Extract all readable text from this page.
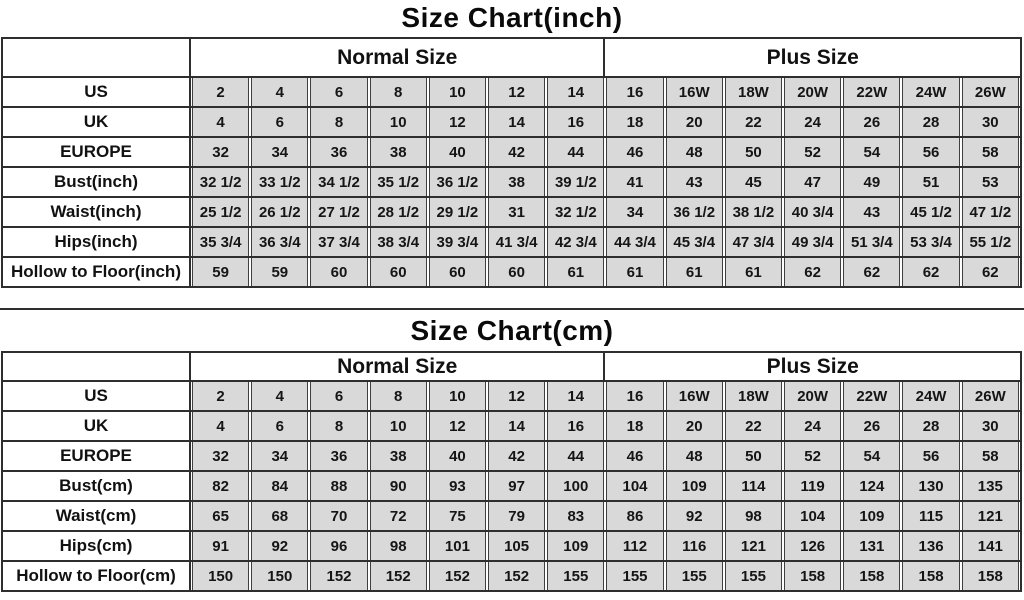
Size Chart(inch)
	Normal Size							Plus Size						
US	2	4	6	8	10	12	14	16	16W	18W	20W	22W	24W	26W

UK	4	6	8	10	12	14	16	18	20	22	24	26	28	30

EUROPE	32	34	36	38	40	42	44	46	48	50	52	54	56	58

Bust(inch)	32 1/2	33 1/2	34 1/2	35 1/2	36 1/2	38	39 1/2	41	43	45	47	49	51	53

Waist(inch)	25 1/2	26 1/2	27 1/2	28 1/2	29 1/2	31	32 1/2	34	36 1/2	38 1/2	40 3/4	43	45 1/2	47 1/2

Hips(inch)	35 3/4	36 3/4	37 3/4	38 3/4	39 3/4	41 3/4	42 3/4	44 3/4	45 3/4	47 3/4	49 3/4	51 3/4	53 3/4	55 1/2

Hollow to Floor(inch)	59	59	60	60	60	60	61	61	61	61	62	62	62	62
Size Chart(cm)
	Normal Size							Plus Size						
US	2	4	6	8	10	12	14	16	16W	18W	20W	22W	24W	26W

UK	4	6	8	10	12	14	16	18	20	22	24	26	28	30

EUROPE	32	34	36	38	40	42	44	46	48	50	52	54	56	58

Bust(cm)	82	84	88	90	93	97	100	104	109	114	119	124	130	135

Waist(cm)	65	68	70	72	75	79	83	86	92	98	104	109	115	121

Hips(cm)	91	92	96	98	101	105	109	112	116	121	126	131	136	141

Hollow to Floor(cm)	150	150	152	152	152	152	155	155	155	155	158	158	158	158
